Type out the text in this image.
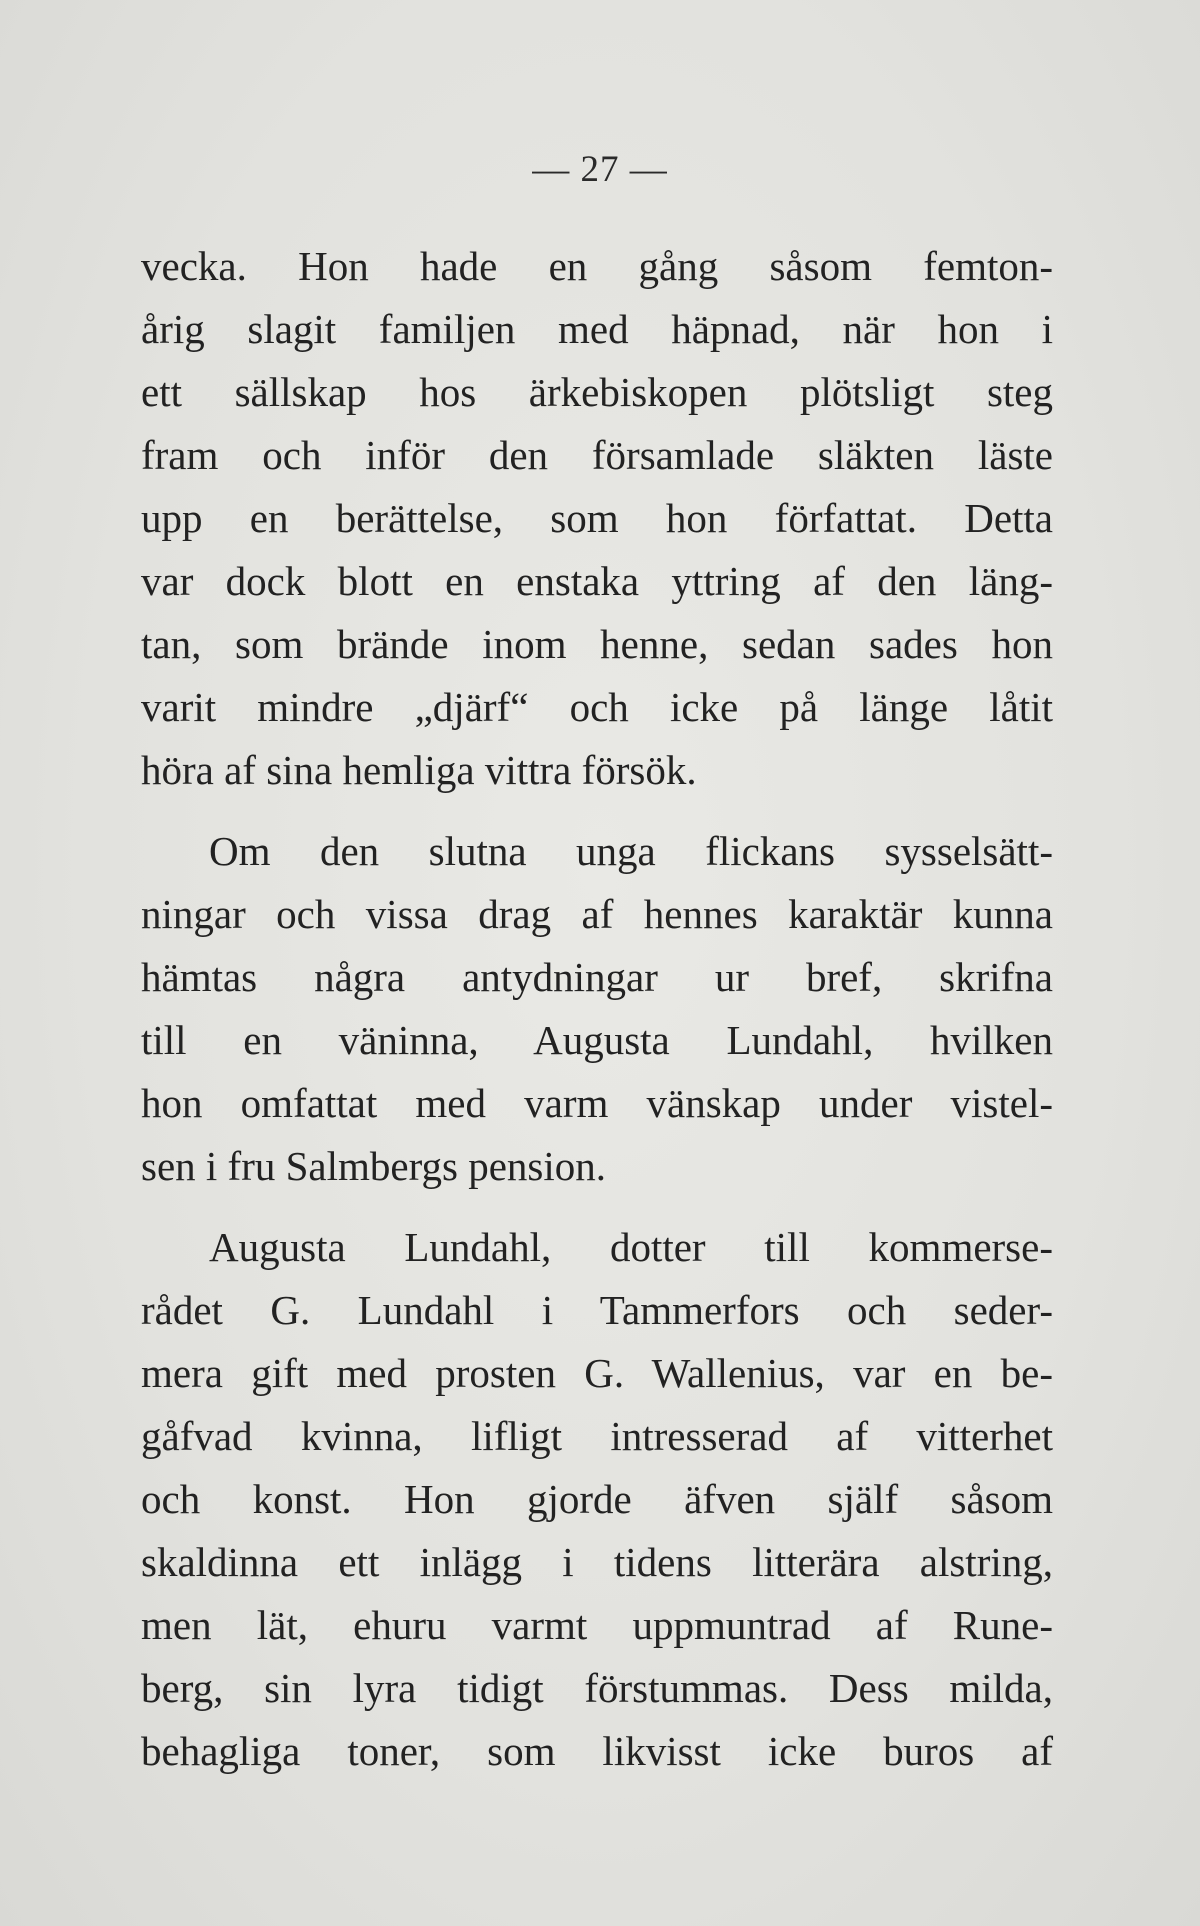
— 27 —
vecka. Hon hade en gång såsom femton-
årig slagit familjen med häpnad, när hon i
ett sällskap hos ärkebiskopen plötsligt steg
fram och inför den församlade släkten läste
upp en berättelse, som hon författat. Detta
var dock blott en enstaka yttring af den läng-
tan, som brände inom henne, sedan sades hon
varit mindre „djärf“ och icke på länge låtit
höra af sina hemliga vittra försök.
Om den slutna unga flickans sysselsätt-
ningar och vissa drag af hennes karaktär kunna
hämtas några antydningar ur bref, skrifna
till en väninna, Augusta Lundahl, hvilken
hon omfattat med varm vänskap under vistel-
sen i fru Salmbergs pension.
Augusta Lundahl, dotter till kommerse-
rådet G. Lundahl i Tammerfors och seder-
mera gift med prosten G. Wallenius, var en be-
gåfvad kvinna, lifligt intresserad af vitterhet
och konst. Hon gjorde äfven själf såsom
skaldinna ett inlägg i tidens litterära alstring,
men lät, ehuru varmt uppmuntrad af Rune-
berg, sin lyra tidigt förstummas. Dess milda,
behagliga toner, som likvisst icke buros af
